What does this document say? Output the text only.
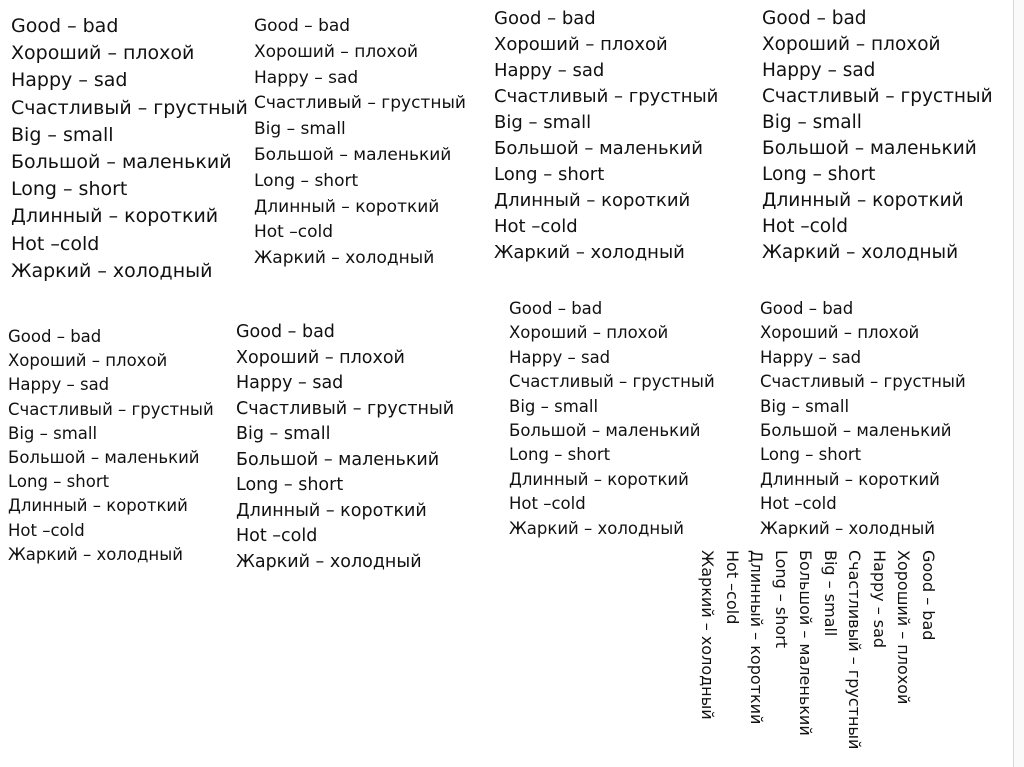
Good – bad
Хороший – плохой
Happy – sad
Счастливый – грустный
Big – small
Большой – маленький
Long – short
Длинный – короткий
Hot –cold
Жаркий – холодный
Good – bad
Хороший – плохой
Happy – sad
Счастливый – грустный
Big – small
Большой – маленький
Long – short
Длинный – короткий
Hot –cold
Жаркий – холодный
Good – bad
Хороший – плохой
Happy – sad
Счастливый – грустный
Big – small
Большой – маленький
Long – short
Длинный – короткий
Hot –cold
Жаркий – холодный
Good – bad
Хороший – плохой
Happy – sad
Счастливый – грустный
Big – small
Большой – маленький
Long – short
Длинный – короткий
Hot –cold
Жаркий – холодный
Good – bad
Хороший – плохой
Happy – sad
Счастливый – грустный
Big – small
Большой – маленький
Long – short
Длинный – короткий
Hot –cold
Жаркий – холодный
Good – bad
Хороший – плохой
Happy – sad
Счастливый – грустный
Big – small
Большой – маленький
Long – short
Длинный – короткий
Hot –cold
Жаркий – холодный
Good – bad
Хороший – плохой
Happy – sad
Счастливый – грустный
Big – small
Большой – маленький
Long – short
Длинный – короткий
Hot –cold
Жаркий – холодный
Good – bad
Хороший – плохой
Happy – sad
Счастливый – грустный
Big – small
Большой – маленький
Long – short
Длинный – короткий
Hot –cold
Жаркий – холодный
Good – bad
Хороший – плохой
Happy – sad
Счастливый – грустный
Big – small
Большой – маленький
Long – short
Длинный – короткий
Hot –cold
Жаркий – холодный
